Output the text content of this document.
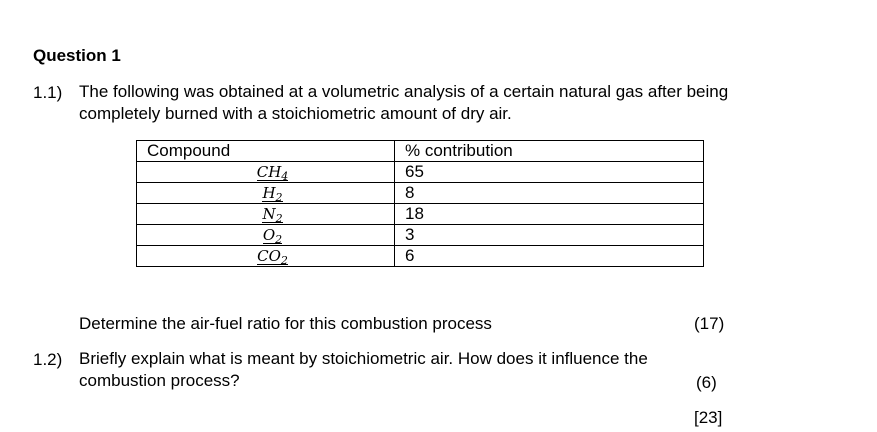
Question 1
1.1) The following was obtained at a volumetric analysis of a certain natural gas after being
completely burned with a stoichiometric amount of dry air.
Compound	% contribution
$CH_4$	65
$H_2$	8
$N_2$	18
$O_2$	3
$CO_2$	6
Determine the air-fuel ratio for this combustion process	(17)
1.2) Briefly explain what is meant by stoichiometric air. How does it influence the
combustion process?	(6)
[23]
